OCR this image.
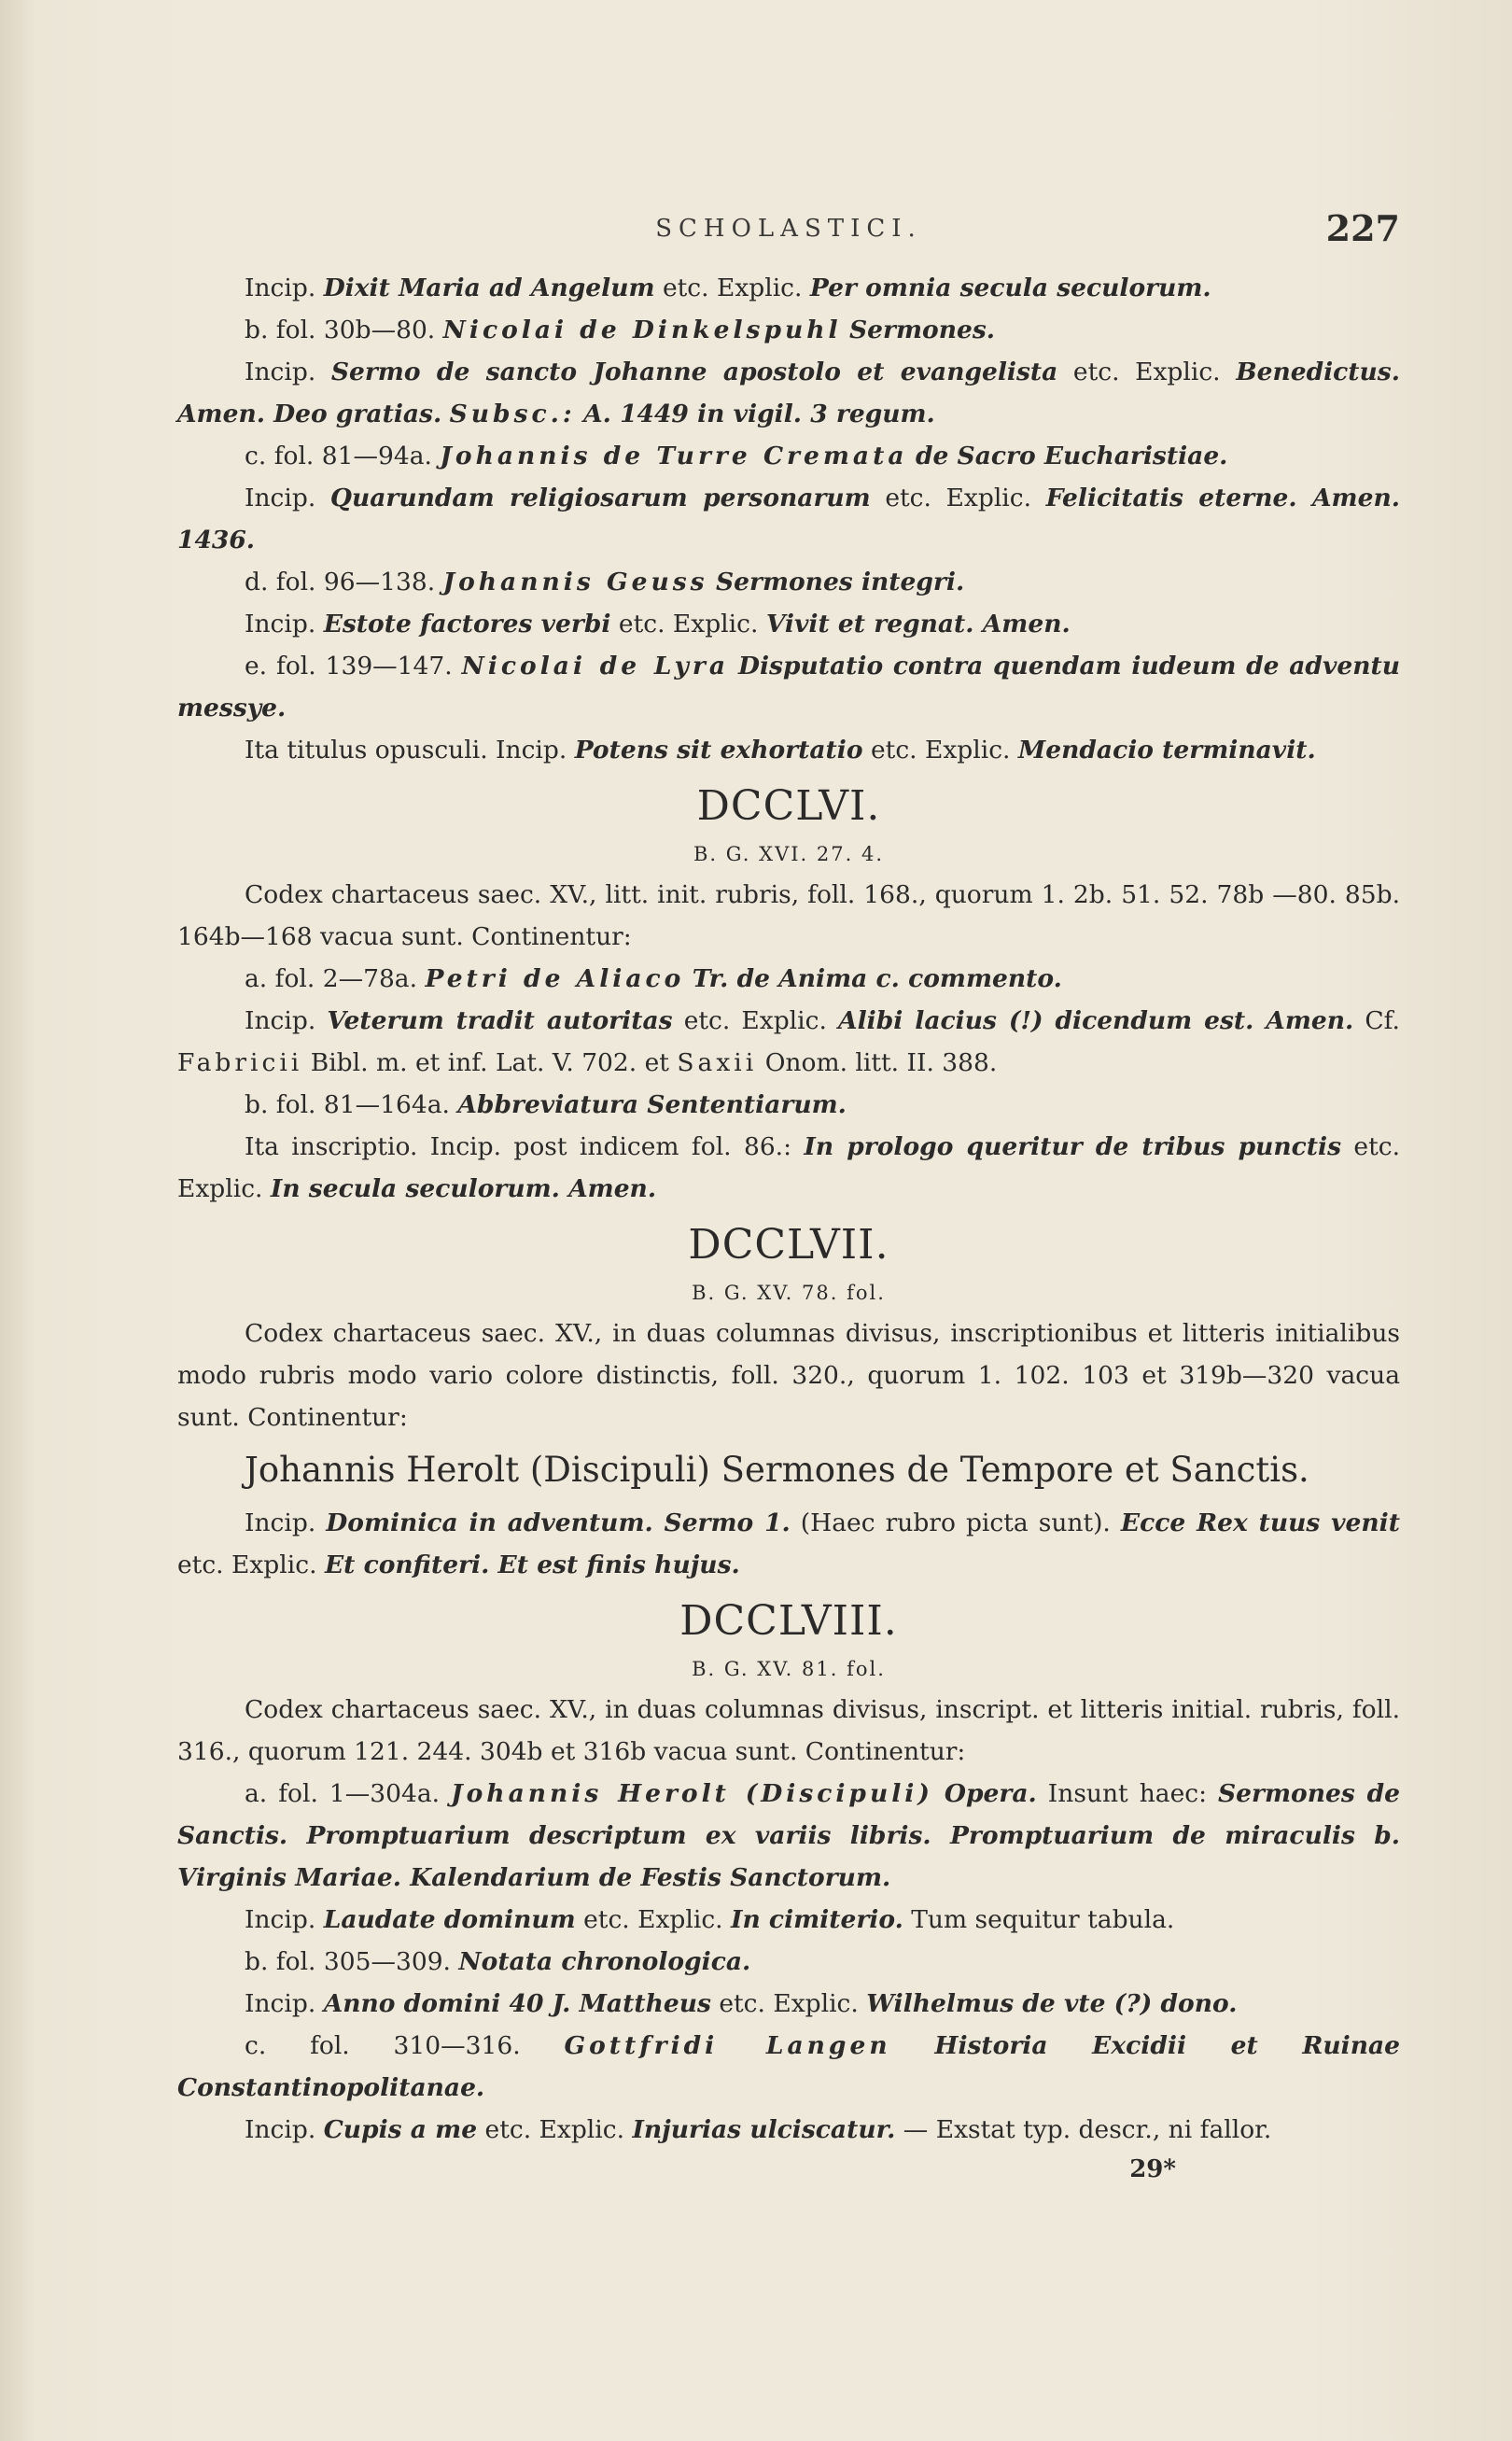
SCHOLASTICI.	227

Incip. Dixit Maria ad Angelum etc. Explic. Per omnia secula seculorum.

b. fol. 30b—80. Nicolai de Dinkelspuhl Sermones.

Incip. Sermo de sancto Johanne apostolo et evangelista etc. Explic. Benedictus. Amen. Deo gratias. Subsc.: A. 1449 in vigil. 3 regum.

c. fol. 81—94a. Johannis de Turre Cremata de Sacro Eucharistiae.

Incip. Quarundam religiosarum personarum etc. Explic. Felicitatis eterne. Amen. 1436.

d. fol. 96—138. Johannis Geuss Sermones integri.

Incip. Estote factores verbi etc. Explic. Vivit et regnat. Amen.

e. fol. 139—147. Nicolai de Lyra Disputatio contra quendam iudeum de adventu messye.

Ita titulus opusculi. Incip. Potens sit exhortatio etc. Explic. Mendacio terminavit.

DCCLVI.
B. G. XVI. 27. 4.

Codex chartaceus saec. XV., litt. init. rubris, foll. 168., quorum 1. 2b. 51. 52. 78b —80. 85b. 164b—168 vacua sunt. Continentur:

a. fol. 2—78a. Petri de Aliaco Tr. de Anima c. commento.

Incip. Veterum tradit autoritas etc. Explic. Alibi lacius (!) dicendum est. Amen. Cf. Fabricii Bibl. m. et inf. Lat. V. 702. et Saxii Onom. litt. II. 388.

b. fol. 81—164a. Abbreviatura Sententiarum.

Ita inscriptio. Incip. post indicem fol. 86.: In prologo queritur de tribus punctis etc. Explic. In secula seculorum. Amen.

DCCLVII.
B. G. XV. 78. fol.

Codex chartaceus saec. XV., in duas columnas divisus, inscriptionibus et litteris initialibus modo rubris modo vario colore distinctis, foll. 320., quorum 1. 102. 103 et 319b—320 vacua sunt. Continentur:

Johannis Herolt (Discipuli) Sermones de Tempore et Sanctis.

Incip. Dominica in adventum. Sermo 1. (Haec rubro picta sunt). Ecce Rex tuus venit etc. Explic. Et confiteri. Et est finis hujus.

DCCLVIII.
B. G. XV. 81. fol.

Codex chartaceus saec. XV., in duas columnas divisus, inscript. et litteris initial. rubris, foll. 316., quorum 121. 244. 304b et 316b vacua sunt. Continentur:

a. fol. 1—304a. Johannis Herolt (Discipuli) Opera. Insunt haec: Sermones de Sanctis. Promptuarium descriptum ex variis libris. Promptuarium de miraculis b. Virginis Mariae. Kalendarium de Festis Sanctorum.

Incip. Laudate dominum etc. Explic. In cimiterio. Tum sequitur tabula.

b. fol. 305—309. Notata chronologica.

Incip. Anno domini 40 J. Mattheus etc. Explic. Wilhelmus de vte (?) dono.

c. fol. 310—316. Gottfridi Langen Historia Excidii et Ruinae Constantinopolitanae.

Incip. Cupis a me etc. Explic. Injurias ulciscatur. — Exstat typ. descr., ni fallor.

29*
